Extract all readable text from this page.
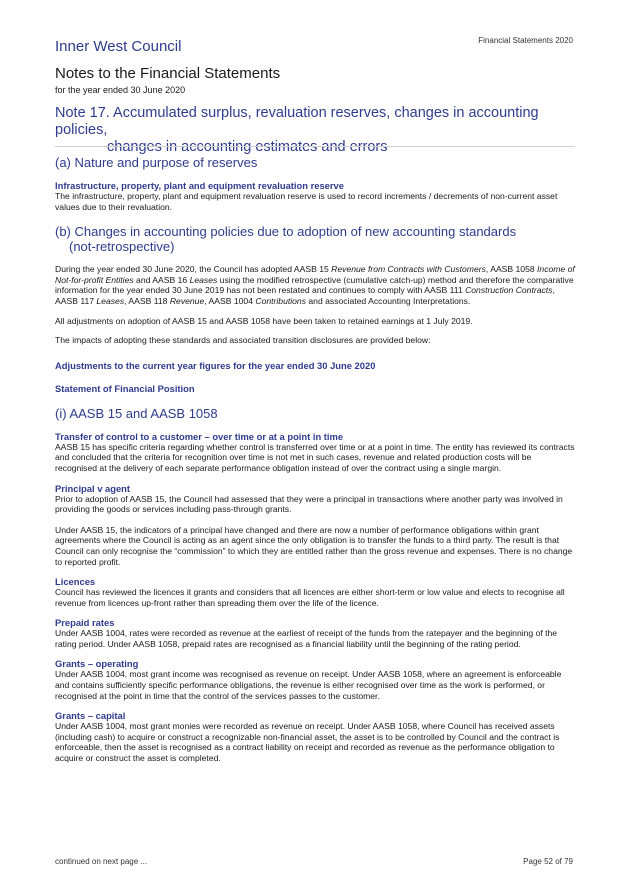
Financial Statements 2020
Inner West Council
Notes to the Financial Statements
for the year ended 30 June 2020
Note 17. Accumulated surplus, revaluation reserves, changes in accounting policies,
changes in accounting estimates and errors
(a) Nature and purpose of reserves
Infrastructure, property, plant and equipment revaluation reserve

The infrastructure, property, plant and equipment revaluation reserve is used to record increments / decrements of non-current asset values due to their revaluation.

(b) Changes in accounting policies due to adoption of new accounting standards
(not-retrospective)

During the year ended 30 June 2020, the Council has adopted AASB 15 Revenue from Contracts with Customers, AASB 1058 Income of Not-for-profit Entities and AASB 16 Leases using the modified retrospective (cumulative catch-up) method and therefore the comparative information for the year ended 30 June 2019 has not been restated and continues to comply with AASB 111 Construction Contracts, AASB 117 Leases, AASB 118 Revenue, AASB 1004 Contributions and associated Accounting Interpretations.

All adjustments on adoption of AASB 15 and AASB 1058 have been taken to retained earnings at 1 July 2019.

The impacts of adopting these standards and associated transition disclosures are provided below:

Adjustments to the current year figures for the year ended 30 June 2020
Statement of Financial Position
(i) AASB 15 and AASB 1058
Transfer of control to a customer – over time or at a point in time

AASB 15 has specific criteria regarding whether control is transferred over time or at a point in time. The entity has reviewed its contracts and concluded that the criteria for recognition over time is not met in such cases, revenue and related production costs will be recognised at the delivery of each separate performance obligation instead of over the contract using a single margin.

Principal v agent

Prior to adoption of AASB 15, the Council had assessed that they were a principal in transactions where another party was involved in providing the goods or services including pass-through grants.

Under AASB 15, the indicators of a principal have changed and there are now a number of performance obligations within grant agreements where the Council is acting as an agent since the only obligation is to transfer the funds to a third party. The result is that Council can only recognise the “commission” to which they are entitled rather than the gross revenue and expenses. There is no change to reported profit.

Licences

Council has reviewed the licences it grants and considers that all licences are either short-term or low value and elects to recognise all revenue from licences up-front rather than spreading them over the life of the licence.

Prepaid rates

Under AASB 1004, rates were recorded as revenue at the earliest of receipt of the funds from the ratepayer and the beginning of the rating period. Under AASB 1058, prepaid rates are recognised as a financial liability until the beginning of the rating period.

Grants – operating

Under AASB 1004, most grant income was recognised as revenue on receipt. Under AASB 1058, where an agreement is enforceable and contains sufficiently specific performance obligations, the revenue is either recognised over time as the work is performed, or recognised at the point in time that the control of the services passes to the customer.

Grants – capital

Under AASB 1004, most grant monies were recorded as revenue on receipt. Under AASB 1058, where Council has received assets (including cash) to acquire or construct a recognizable non-financial asset, the asset is to be controlled by Council and the contract is enforceable, then the asset is recognised as a contract liability on receipt and recorded as revenue as the performance obligation to acquire or construct the asset is completed.

continued on next page ...	Page 52 of 79
